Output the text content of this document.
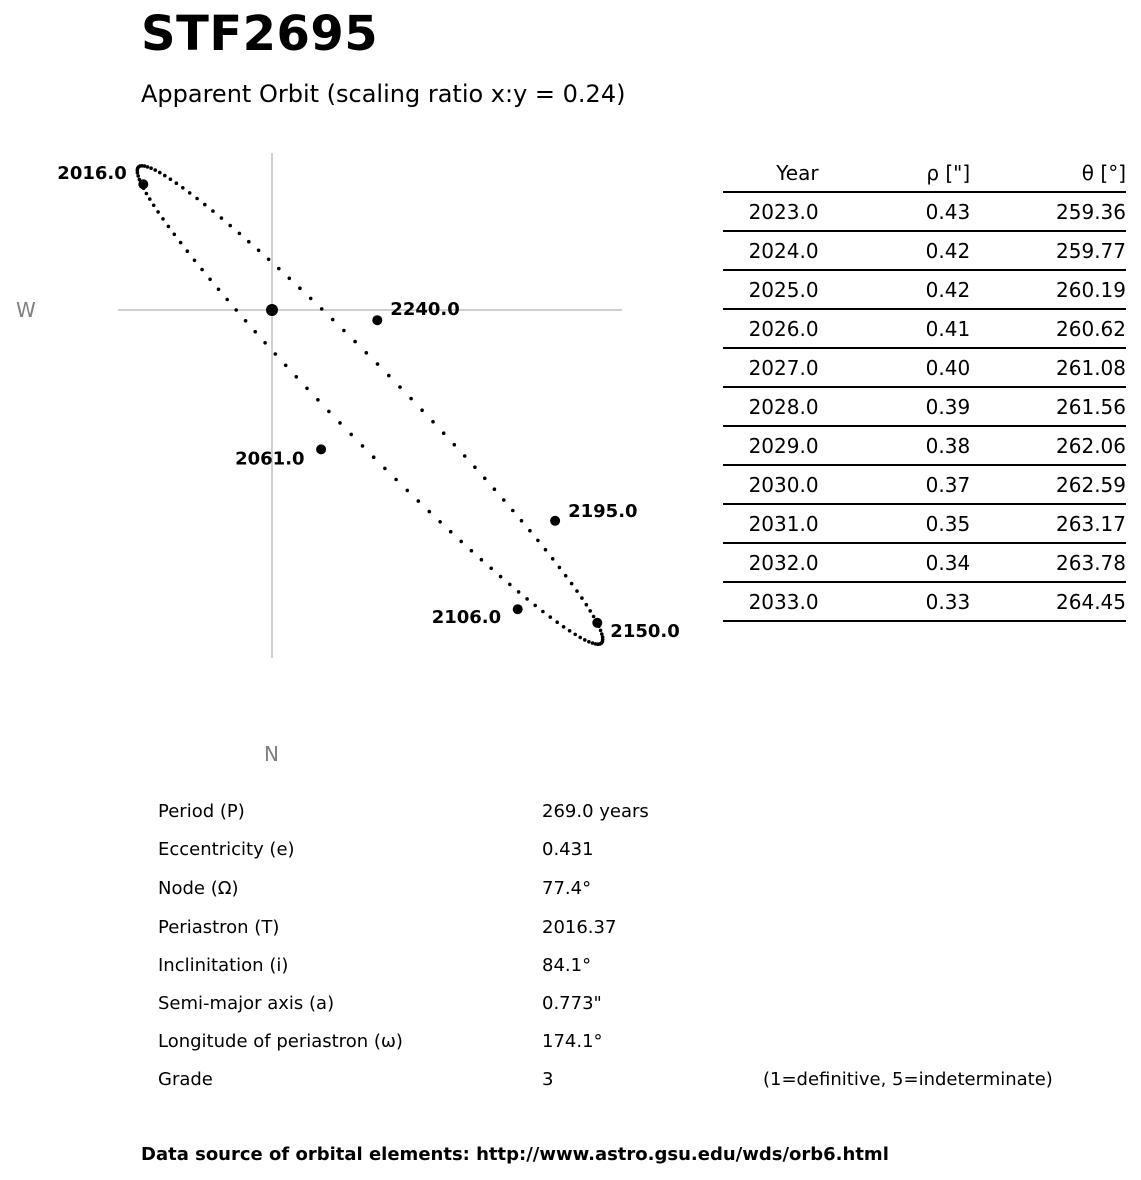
STF2695
Apparent Orbit (scaling ratio x:y = 0.24)
2016.0
2240.0
2061.0
2195.0
2106.0
2150.0
W
N
Year	ρ ["]	θ [°]
2023.0	0.43	259.36
2024.0	0.42	259.77
2025.0	0.42	260.19
2026.0	0.41	260.62
2027.0	0.40	261.08
2028.0	0.39	261.56
2029.0	0.38	262.06
2030.0	0.37	262.59
2031.0	0.35	263.17
2032.0	0.34	263.78
2033.0	0.33	264.45
Period (P)	269.0 years
Eccentricity (e)	0.431
Node (Ω)	77.4°
Periastron (T)	2016.37
Inclinitation (i)	84.1°
Semi-major axis (a)	0.773"
Longitude of periastron (ω)	174.1°
Grade	3	(1=definitive, 5=indeterminate)
Data source of orbital elements: http://www.astro.gsu.edu/wds/orb6.html
